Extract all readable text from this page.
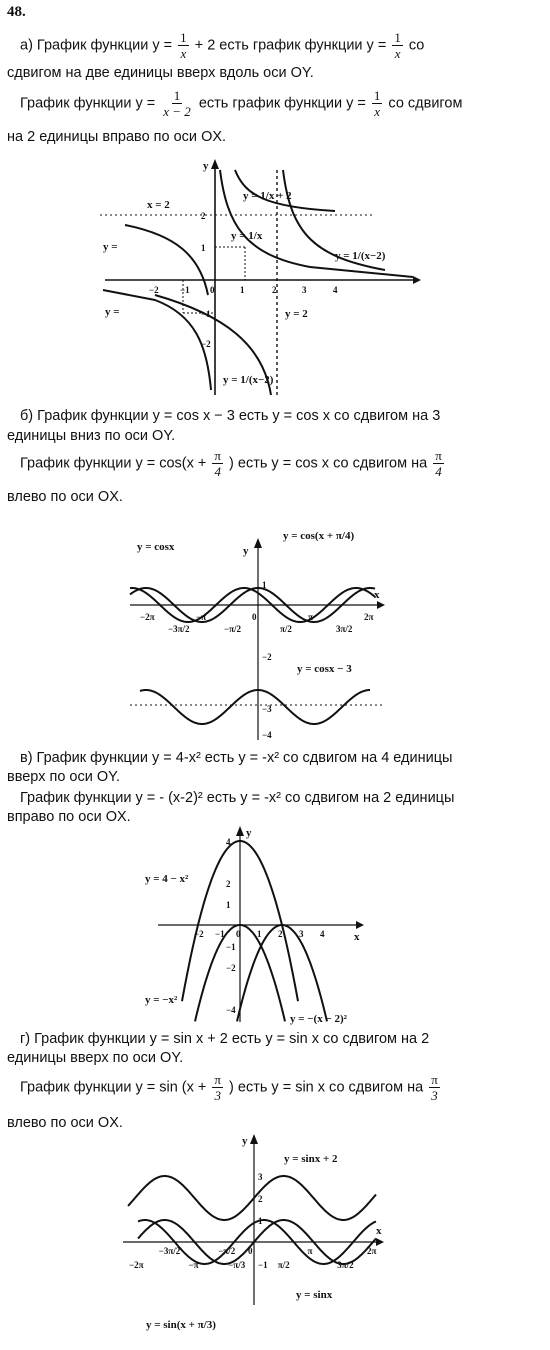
48.
а) График функции $y = \frac{1}{x} + 2$ есть график функции $y = \frac{1}{x}$ со
сдвигом на две единицы вверх вдоль оси OY.
График функции $y = \frac{1}{x - 2}$ есть график функции $y = \frac{1}{x}$ со сдвигом
на 2 единицы вправо по оси OX.
y
x = 2
y = 1/x + 2
y = 1/x
y =
y = 1/(x−2)
y =	y = 2
y = 1/(x−2)
−2 −1 0	1	2	3	4
2
1
−1
−2
б) График функции y = cos x − 3 есть y = cos x со сдвигом на 3
единицы вниз по оси OY.
График функции $y = \cos(x + \frac{\pi}{4}$ ) есть y = cos x со сдвигом на $\frac{\pi}{4}$
влево по оси OX.
y = cosx
y = cos(x + π/4)
y = cosx − 3
y
x
−2π
−3π/2
−π
−π/2
0
π/2
π
3π/2
2π
1
−2
−3
−4
в) График функции y = 4-x² есть y = -x² со сдвигом на 4 единицы
вверх по оси OY.
График функции y = - (x-2)² есть y = -x² со сдвигом на 2 единицы
вправо по оси OX.
y = 4 − x²
y = −x²
y = −(x − 2)²
y
x
−2 −1 0 1 2 3 4
4
2
1
−1
−2
−4
г) График функции y = sin x + 2 есть y = sin x со сдвигом на 2
единицы вверх по оси OY.
График функции $y = \sin (x + \frac{\pi}{3}$ ) есть y = sin x со сдвигом на $\frac{\pi}{3}$
влево по оси OX.
y = sinx + 2
y = sin(x + π/3)
y = sinx
y
x
−2π
−3π/2
−π
−π/2
−π/3
0
π/2
π
3π/2
2π
3
2
1
−1
